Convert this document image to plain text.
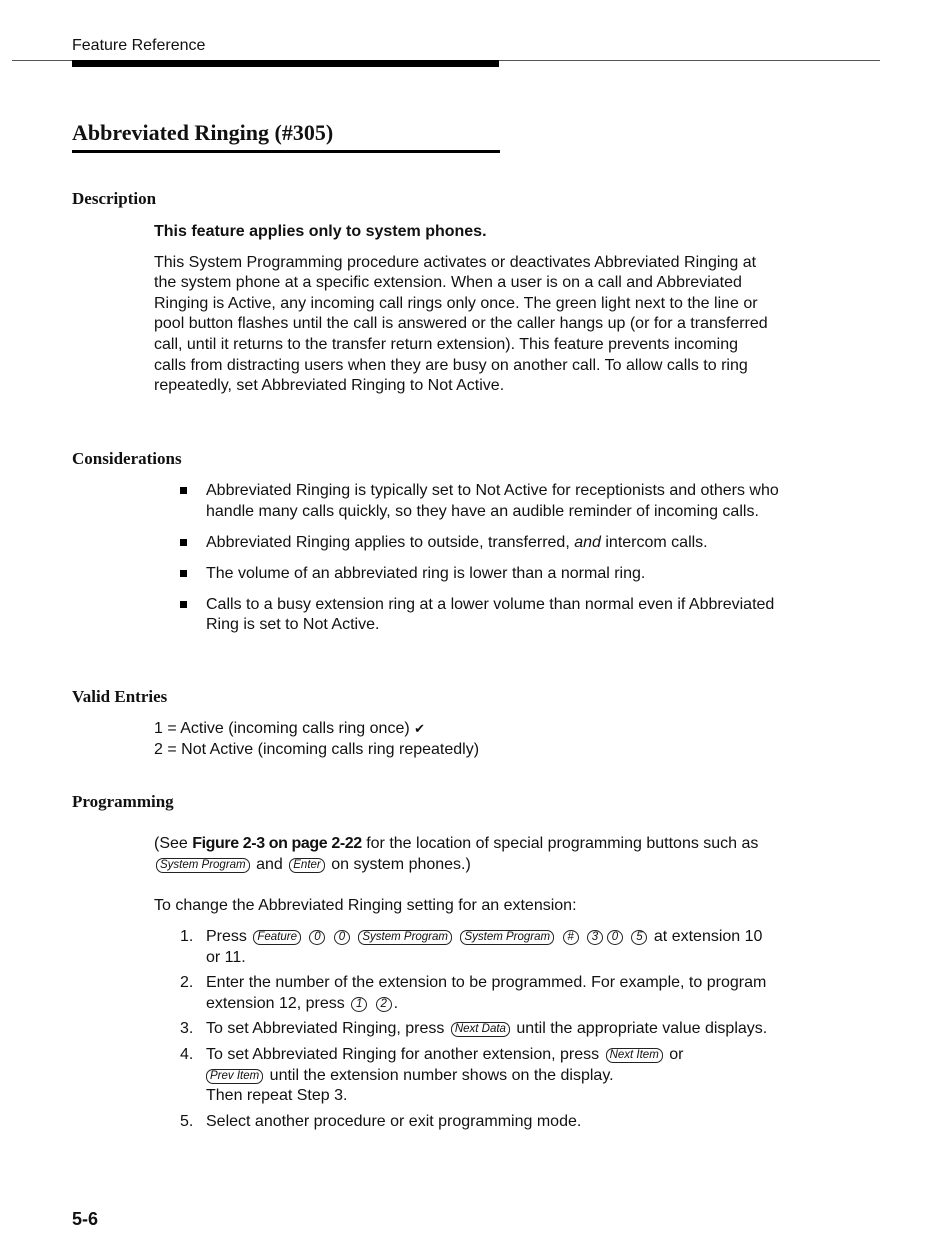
Feature Reference
Abbreviated Ringing (#305)
Description

This feature applies only to system phones.

This System Programming procedure activates or deactivates Abbreviated Ringing at the system phone at a specific extension. When a user is on a call and Abbreviated Ringing is Active, any incoming call rings only once. The green light next to the line or pool button flashes until the call is answered or the caller hangs up (or for a transferred call, until it returns to the transfer return extension). This feature prevents incoming calls from distracting users when they are busy on another call. To allow calls to ring repeatedly, set Abbreviated Ringing to Not Active.

Considerations
Abbreviated Ringing is typically set to Not Active for receptionists and others who handle many calls quickly, so they have an audible reminder of incoming calls.
Abbreviated Ringing applies to outside, transferred, and intercom calls.
The volume of an abbreviated ring is lower than a normal ring.
Calls to a busy extension ring at a lower volume than normal even if Abbreviated Ring is set to Not Active.
Valid Entries
1 = Active (incoming calls ring once) ✔
2 = Not Active (incoming calls ring repeatedly)
Programming
(See Figure 2-3 on page 2-22 for the location of special programming buttons such as System Program and Enter on system phones.)
To change the Abbreviated Ringing setting for an extension:
1. Press Feature 0 0 System Program System Program # 3 0 5 at extension 10 or 11.
2. Enter the number of the extension to be programmed. For example, to program extension 12, press 1 2 .
3. To set Abbreviated Ringing, press Next Data until the appropriate value displays.
4. To set Abbreviated Ringing for another extension, press Next Item or
Prev Item until the extension number shows on the display.
Then repeat Step 3.
5. Select another procedure or exit programming mode.
5-6
